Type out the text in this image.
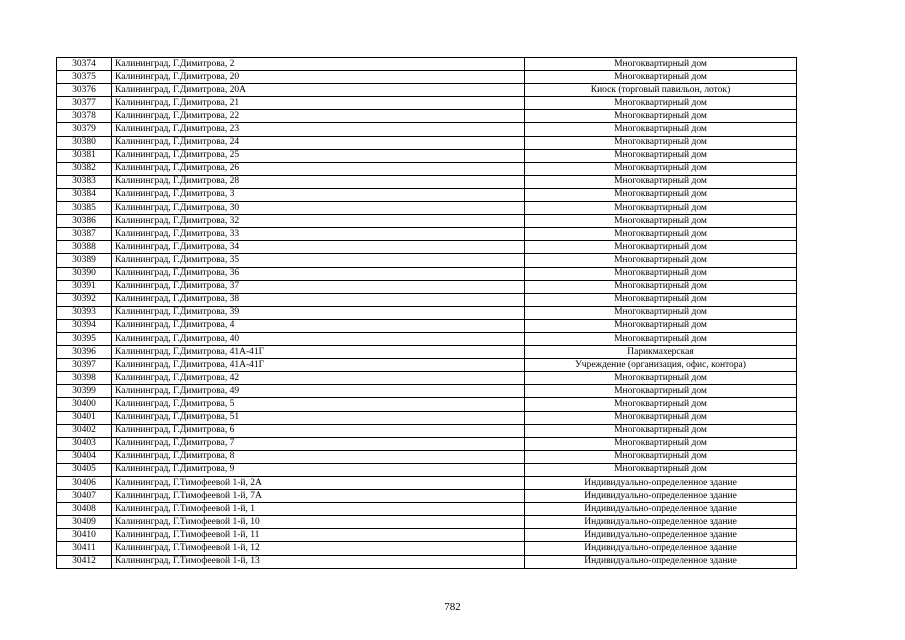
30374	Калининград, Г.Димитрова, 2	Многоквартирный дом
30375	Калининград, Г.Димитрова, 20	Многоквартирный дом
30376	Калининград, Г.Димитрова, 20А	Киоск (торговый павильон, лоток)
30377	Калининград, Г.Димитрова, 21	Многоквартирный дом
30378	Калининград, Г.Димитрова, 22	Многоквартирный дом
30379	Калининград, Г.Димитрова, 23	Многоквартирный дом
30380	Калининград, Г.Димитрова, 24	Многоквартирный дом
30381	Калининград, Г.Димитрова, 25	Многоквартирный дом
30382	Калининград, Г.Димитрова, 26	Многоквартирный дом
30383	Калининград, Г.Димитрова, 28	Многоквартирный дом
30384	Калининград, Г.Димитрова, 3	Многоквартирный дом
30385	Калининград, Г.Димитрова, 30	Многоквартирный дом
30386	Калининград, Г.Димитрова, 32	Многоквартирный дом
30387	Калининград, Г.Димитрова, 33	Многоквартирный дом
30388	Калининград, Г.Димитрова, 34	Многоквартирный дом
30389	Калининград, Г.Димитрова, 35	Многоквартирный дом
30390	Калининград, Г.Димитрова, 36	Многоквартирный дом
30391	Калининград, Г.Димитрова, 37	Многоквартирный дом
30392	Калининград, Г.Димитрова, 38	Многоквартирный дом
30393	Калининград, Г.Димитрова, 39	Многоквартирный дом
30394	Калининград, Г.Димитрова, 4	Многоквартирный дом
30395	Калининград, Г.Димитрова, 40	Многоквартирный дом
30396	Калининград, Г.Димитрова, 41А-41Г	Парикмахерская
30397	Калининград, Г.Димитрова, 41А-41Г	Учреждение (организация, офис, контора)
30398	Калининград, Г.Димитрова, 42	Многоквартирный дом
30399	Калининград, Г.Димитрова, 49	Многоквартирный дом
30400	Калининград, Г.Димитрова, 5	Многоквартирный дом
30401	Калининград, Г.Димитрова, 51	Многоквартирный дом
30402	Калининград, Г.Димитрова, 6	Многоквартирный дом
30403	Калининград, Г.Димитрова, 7	Многоквартирный дом
30404	Калининград, Г.Димитрова, 8	Многоквартирный дом
30405	Калининград, Г.Димитрова, 9	Многоквартирный дом
30406	Калининград, Г.Тимофеевой 1-й, 2А	Индивидуально-определенное здание
30407	Калининград, Г.Тимофеевой 1-й, 7А	Индивидуально-определенное здание
30408	Калининград, Г.Тимофеевой 1-й, 1	Индивидуально-определенное здание
30409	Калининград, Г.Тимофеевой 1-й, 10	Индивидуально-определенное здание
30410	Калининград, Г.Тимофеевой 1-й, 11	Индивидуально-определенное здание
30411	Калининград, Г.Тимофеевой 1-й, 12	Индивидуально-определенное здание
30412	Калининград, Г.Тимофеевой 1-й, 13	Индивидуально-определенное здание
782
